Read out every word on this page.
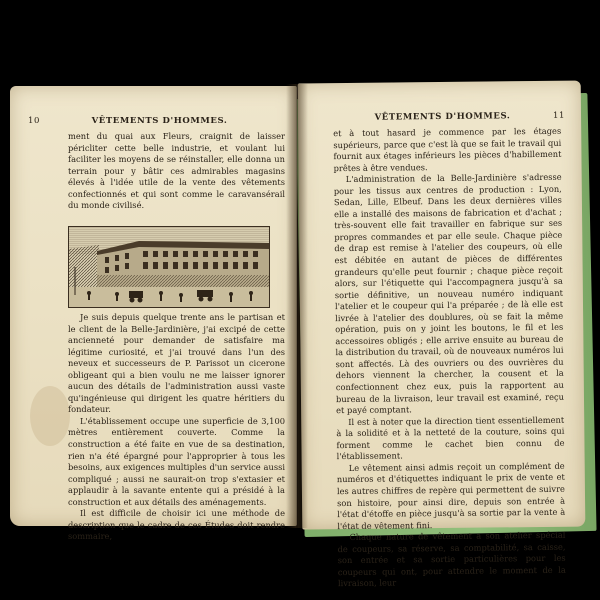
10	VÊTEMENTS D'HOMMES.

ment du quai aux Fleurs, craignit de laisser péricliter cette belle industrie, et voulant lui faciliter les moyens de se réinstaller, elle donna un terrain pour y bâtir ces admirables magasins élevés à l'idée utile de la vente des vêtements confectionnés et qui sont comme le caravansérail du monde civilisé.

Je suis depuis quelque trente ans le partisan et le client de la Belle-Jardinière, j'ai excipé de cette ancienneté pour demander de satisfaire ma légitime curiosité, et j'ai trouvé dans l'un des neveux et successeurs de P. Parissot un cicerone obligeant qui a bien voulu ne me laisser ignorer aucun des détails de l'administration aussi vaste qu'ingénieuse qui dirigent les quatre héritiers du fondateur.

L'établissement occupe une superficie de 3,100 mètres entièrement couverte. Comme la construction a été faite en vue de sa destination, rien n'a été épargné pour l'approprier à tous les besoins, aux exigences multiples d'un service aussi compliqué ; aussi ne saurait-on trop s'extasier et applaudir à la savante entente qui a présidé à la construction et aux détails des aménagements.

Il est difficile de choisir ici une méthode de description que le cadre de ces Études doit rendre sommaire,

VÊTEMENTS D'HOMMES.	11

et à tout hasard je commence par les étages supérieurs, parce que c'est là que se fait le travail qui fournit aux étages inférieurs les pièces d'habillement prêtes à être vendues.

L'administration de la Belle-Jardinière s'adresse pour les tissus aux centres de production : Lyon, Sedan, Lille, Elbeuf. Dans les deux dernières villes elle a installé des maisons de fabrication et d'achat ; très-souvent elle fait travailler en fabrique sur ses propres commandes et par elle seule. Chaque pièce de drap est remise à l'atelier des coupeurs, où elle est débitée en autant de pièces de différentes grandeurs qu'elle peut fournir ; chaque pièce reçoit alors, sur l'étiquette qui l'accompagnera jusqu'à sa sortie définitive, un nouveau numéro indiquant l'atelier et le coupeur qui l'a préparée ; de là elle est livrée à l'atelier des doublures, où se fait la même opération, puis on y joint les boutons, le fil et les accessoires obligés ; elle arrive ensuite au bureau de la distribution du travail, où de nouveaux numéros lui sont affectés. Là des ouvriers ou des ouvrières du dehors viennent la chercher, la cousent et la confectionnent chez eux, puis la rapportent au bureau de la livraison, leur travail est examiné, reçu et payé comptant.

Il est à noter que la direction tient essentiellement à la solidité et à la netteté de la couture, soins qui forment comme le cachet bien connu de l'établissement.

Le vêtement ainsi admis reçoit un complément de numéros et d'étiquettes indiquant le prix de vente et les autres chiffres de repère qui permettent de suivre son histoire, pour ainsi dire, depuis son entrée à l'état d'étoffe en pièce jusqu'à sa sortie par la vente à l'état de vêtement fini.

Chaque nature de vêtement a son atelier spécial de coupeurs, sa réserve, sa comptabilité, sa caisse, son entrée et sa sortie particulières pour les coupeurs qui ont, pour attendre le moment de la livraison, leur
